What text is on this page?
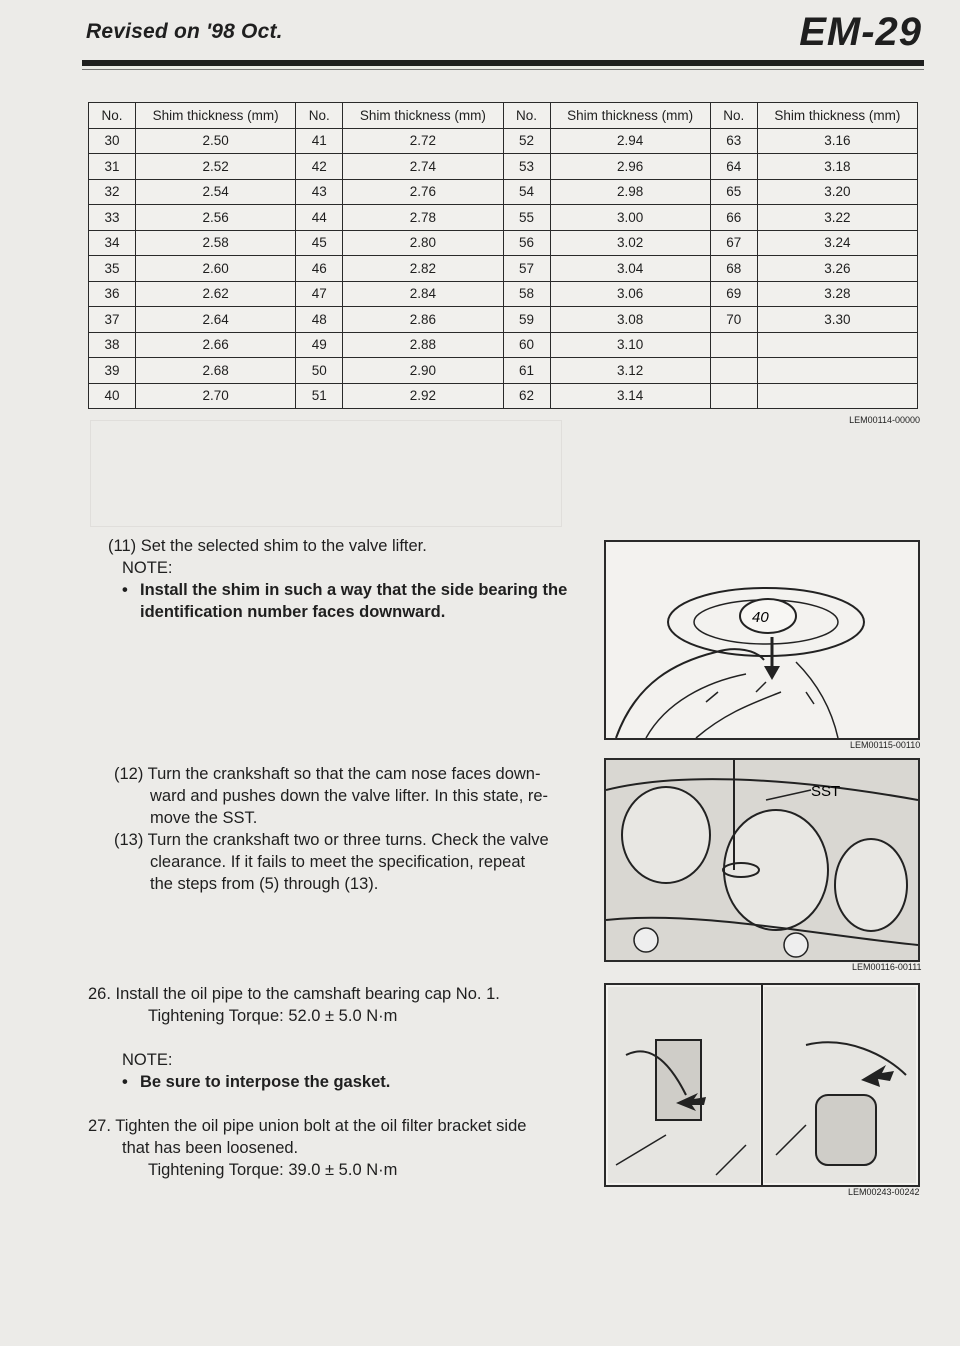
Revised on '98 Oct.	EM-29
No.	Shim thickness (mm)	No.	Shim thickness (mm)	No.	Shim thickness (mm)	No.	Shim thickness (mm)
30	2.50	41	2.72	52	2.94	63	3.16
31	2.52	42	2.74	53	2.96	64	3.18
32	2.54	43	2.76	54	2.98	65	3.20
33	2.56	44	2.78	55	3.00	66	3.22
34	2.58	45	2.80	56	3.02	67	3.24
35	2.60	46	2.82	57	3.04	68	3.26
36	2.62	47	2.84	58	3.06	69	3.28
37	2.64	48	2.86	59	3.08	70	3.30
38	2.66	49	2.88	60	3.10		
39	2.68	50	2.90	61	3.12		
40	2.70	51	2.92	62	3.14		
LEM00114-00000
(11) Set the selected shim to the valve lifter.
NOTE:
• Install the shim in such a way that the side bearing the
identification number faces downward.	40
LEM00115-00110
(12) Turn the crankshaft so that the cam nose faces down-
ward and pushes down the valve lifter. In this state, re-
move the SST.
(13) Turn the crankshaft two or three turns. Check the valve
clearance. If it fails to meet the specification, repeat
the steps from (5) through (13).
SST
LEM00116-00111
26. Install the oil pipe to the camshaft bearing cap No. 1.
Tightening Torque: 52.0 ± 5.0 N·m
NOTE:
• Be sure to interpose the gasket.
27. Tighten the oil pipe union bolt at the oil filter bracket side
that has been loosened.
Tightening Torque: 39.0 ± 5.0 N·m
LEM00243-00242
